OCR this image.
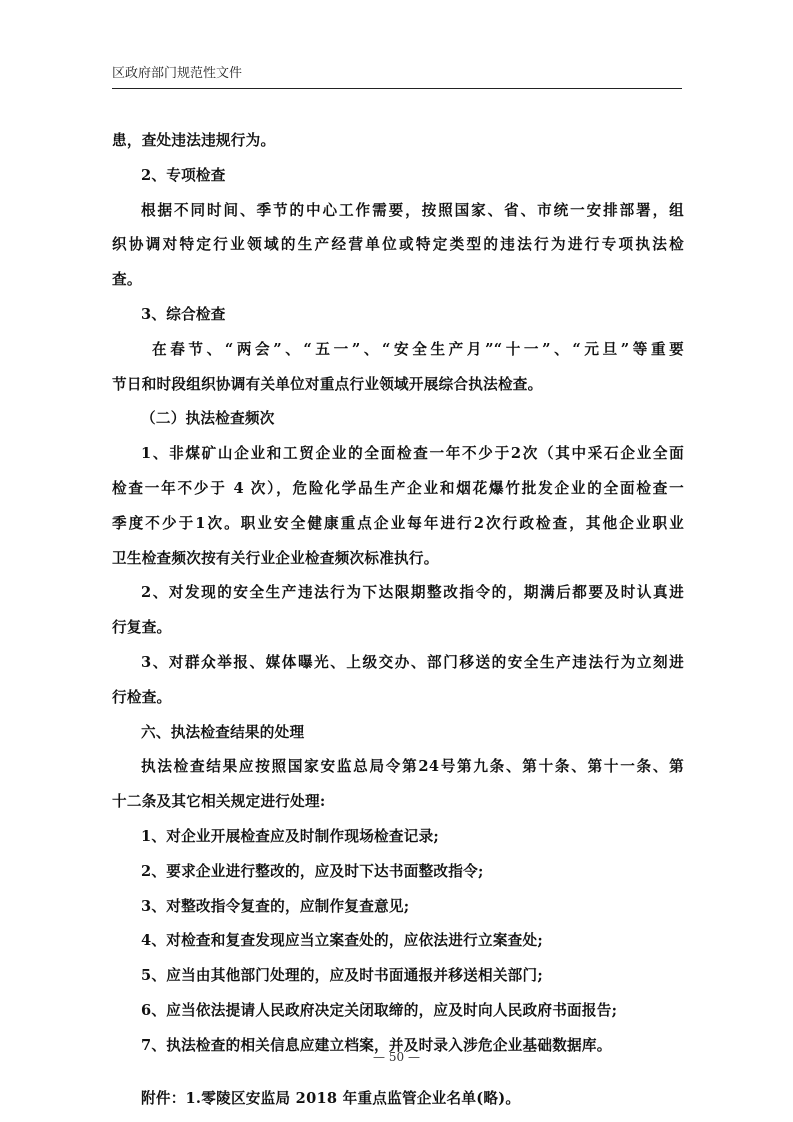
区政府部门规范性文件
患，查处违法违规行为。
2、专项检查
根据不同时间、季节的中心工作需要，按照国家、省、市统一安排部署，组
织协调对特定行业领域的生产经营单位或特定类型的违法行为进行专项执法检
查。
3、综合检查
在春节、“两会”、“五一”、“安全生产月”“十一”、“元旦”等重要
节日和时段组织协调有关单位对重点行业领域开展综合执法检查。
（二）执法检查频次
1、非煤矿山企业和工贸企业的全面检查一年不少于2次（其中采石企业全面
检查一年不少于 4 次），危险化学品生产企业和烟花爆竹批发企业的全面检查一
季度不少于1次。职业安全健康重点企业每年进行2次行政检查，其他企业职业
卫生检查频次按有关行业企业检查频次标准执行。
2、对发现的安全生产违法行为下达限期整改指令的，期满后都要及时认真进
行复查。
3、对群众举报、媒体曝光、上级交办、部门移送的安全生产违法行为立刻进
行检查。
六、执法检查结果的处理
执法检查结果应按照国家安监总局令第24号第九条、第十条、第十一条、第
十二条及其它相关规定进行处理:
1、对企业开展检查应及时制作现场检查记录;
2、要求企业进行整改的，应及时下达书面整改指令;
3、对整改指令复查的，应制作复查意见;
4、对检查和复查发现应当立案查处的，应依法进行立案查处;
5、应当由其他部门处理的，应及时书面通报并移送相关部门;
6、应当依法提请人民政府决定关闭取缔的，应及时向人民政府书面报告;
7、执法检查的相关信息应建立档案，并及时录入涉危企业基础数据库。
附件：1.零陵区安监局 2018 年重点监管企业名单(略)。
— 50 —
